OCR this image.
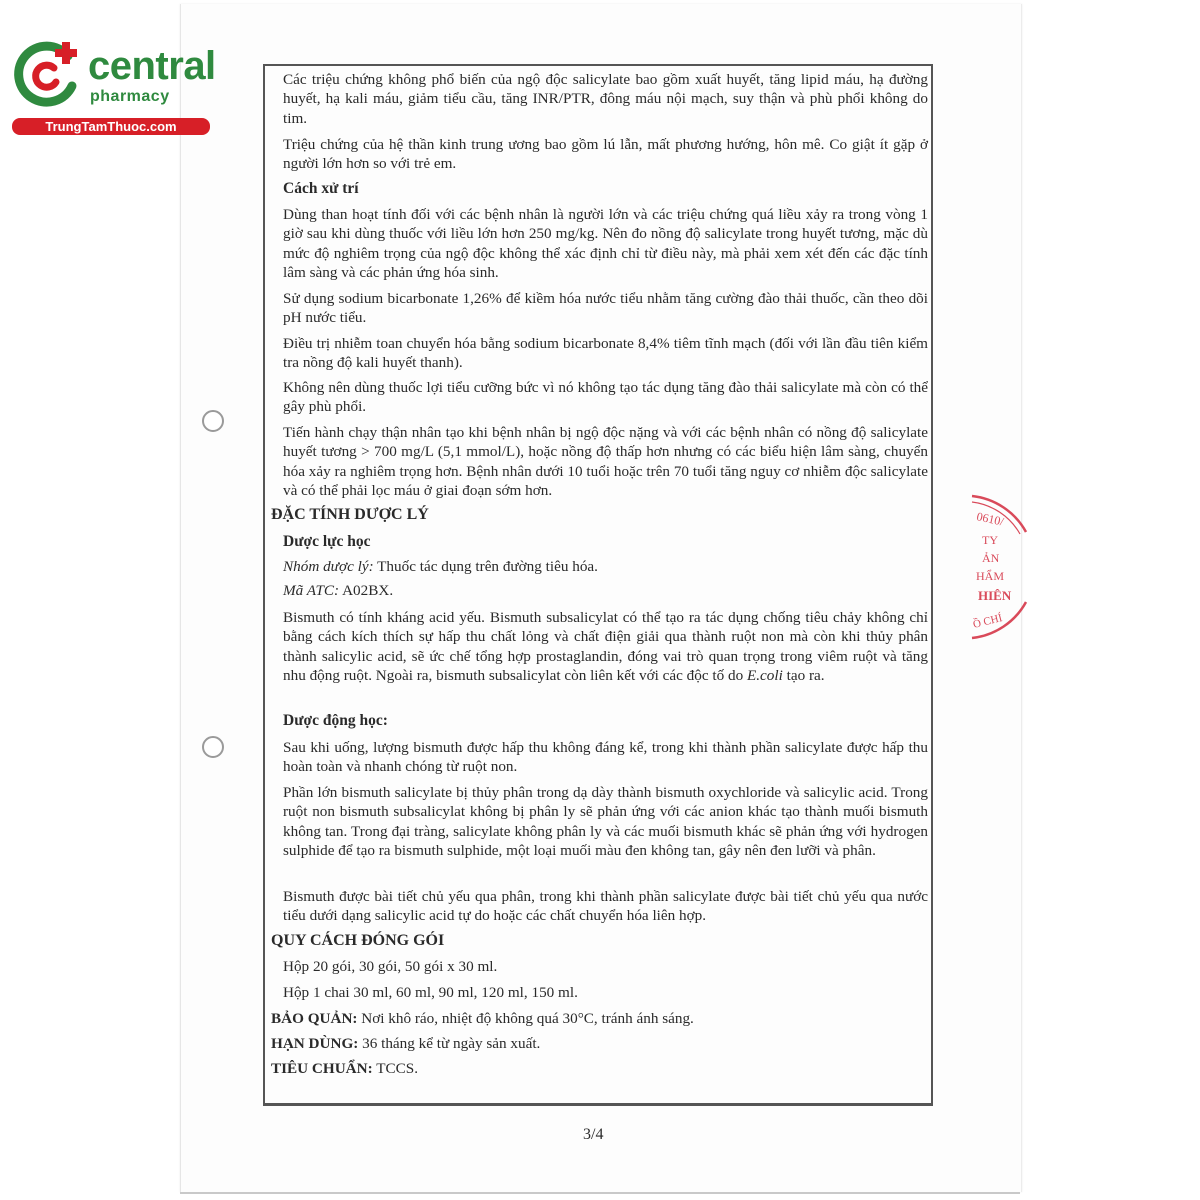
central
pharmacy
TrungTamThuoc.com
0610/
TY
ẢN
HẨM
HIÊN
Ồ CHÍ

Các triệu chứng không phổ biến của ngộ độc salicylate bao gồm xuất huyết, tăng lipid máu, hạ đường huyết, hạ kali máu, giảm tiểu cầu, tăng INR/PTR, đông máu nội mạch, suy thận và phù phổi không do tim.

Triệu chứng của hệ thần kinh trung ương bao gồm lú lẫn, mất phương hướng, hôn mê. Co giật ít gặp ở người lớn hơn so với trẻ em.

Cách xử trí

Dùng than hoạt tính đối với các bệnh nhân là người lớn và các triệu chứng quá liều xảy ra trong vòng 1 giờ sau khi dùng thuốc với liều lớn hơn 250 mg/kg. Nên đo nồng độ salicylate trong huyết tương, mặc dù mức độ nghiêm trọng của ngộ độc không thể xác định chỉ từ điều này, mà phải xem xét đến các đặc tính lâm sàng và các phản ứng hóa sinh.

Sử dụng sodium bicarbonate 1,26% để kiềm hóa nước tiểu nhằm tăng cường đào thải thuốc, cần theo dõi pH nước tiểu.

Điều trị nhiễm toan chuyển hóa bằng sodium bicarbonate 8,4% tiêm tĩnh mạch (đối với lần đầu tiên kiểm tra nồng độ kali huyết thanh).

Không nên dùng thuốc lợi tiểu cưỡng bức vì nó không tạo tác dụng tăng đào thải salicylate mà còn có thể gây phù phổi.

Tiến hành chạy thận nhân tạo khi bệnh nhân bị ngộ độc nặng và với các bệnh nhân có nồng độ salicylate huyết tương > 700 mg/L (5,1 mmol/L), hoặc nồng độ thấp hơn nhưng có các biểu hiện lâm sàng, chuyển hóa xảy ra nghiêm trọng hơn. Bệnh nhân dưới 10 tuổi hoặc trên 70 tuổi tăng nguy cơ nhiễm độc salicylate và có thể phải lọc máu ở giai đoạn sớm hơn.

ĐẶC TÍNH DƯỢC LÝ

Dược lực học

Nhóm dược lý: Thuốc tác dụng trên đường tiêu hóa.

Mã ATC: A02BX.

Bismuth có tính kháng acid yếu. Bismuth subsalicylat có thể tạo ra tác dụng chống tiêu chảy không chỉ bằng cách kích thích sự hấp thu chất lỏng và chất điện giải qua thành ruột non mà còn khi thủy phân thành salicylic acid, sẽ ức chế tổng hợp prostaglandin, đóng vai trò quan trọng trong viêm ruột và tăng nhu động ruột. Ngoài ra, bismuth subsalicylat còn liên kết với các độc tố do E.coli tạo ra.

Dược động học:

Sau khi uống, lượng bismuth được hấp thu không đáng kể, trong khi thành phần salicylate được hấp thu hoàn toàn và nhanh chóng từ ruột non.

Phần lớn bismuth salicylate bị thủy phân trong dạ dày thành bismuth oxychloride và salicylic acid. Trong ruột non bismuth subsalicylat không bị phân ly sẽ phản ứng với các anion khác tạo thành muối bismuth không tan. Trong đại tràng, salicylate không phân ly và các muối bismuth khác sẽ phản ứng với hydrogen sulphide để tạo ra bismuth sulphide, một loại muối màu đen không tan, gây nên đen lưỡi và phân.

Bismuth được bài tiết chủ yếu qua phân, trong khi thành phần salicylate được bài tiết chủ yếu qua nước tiểu dưới dạng salicylic acid tự do hoặc các chất chuyển hóa liên hợp.

QUY CÁCH ĐÓNG GÓI

Hộp 20 gói, 30 gói, 50 gói x 30 ml.

Hộp 1 chai 30 ml, 60 ml, 90 ml, 120 ml, 150 ml.

BẢO QUẢN: Nơi khô ráo, nhiệt độ không quá 30°C, tránh ánh sáng.

HẠN DÙNG: 36 tháng kể từ ngày sản xuất.

TIÊU CHUẨN: TCCS.

3/4
